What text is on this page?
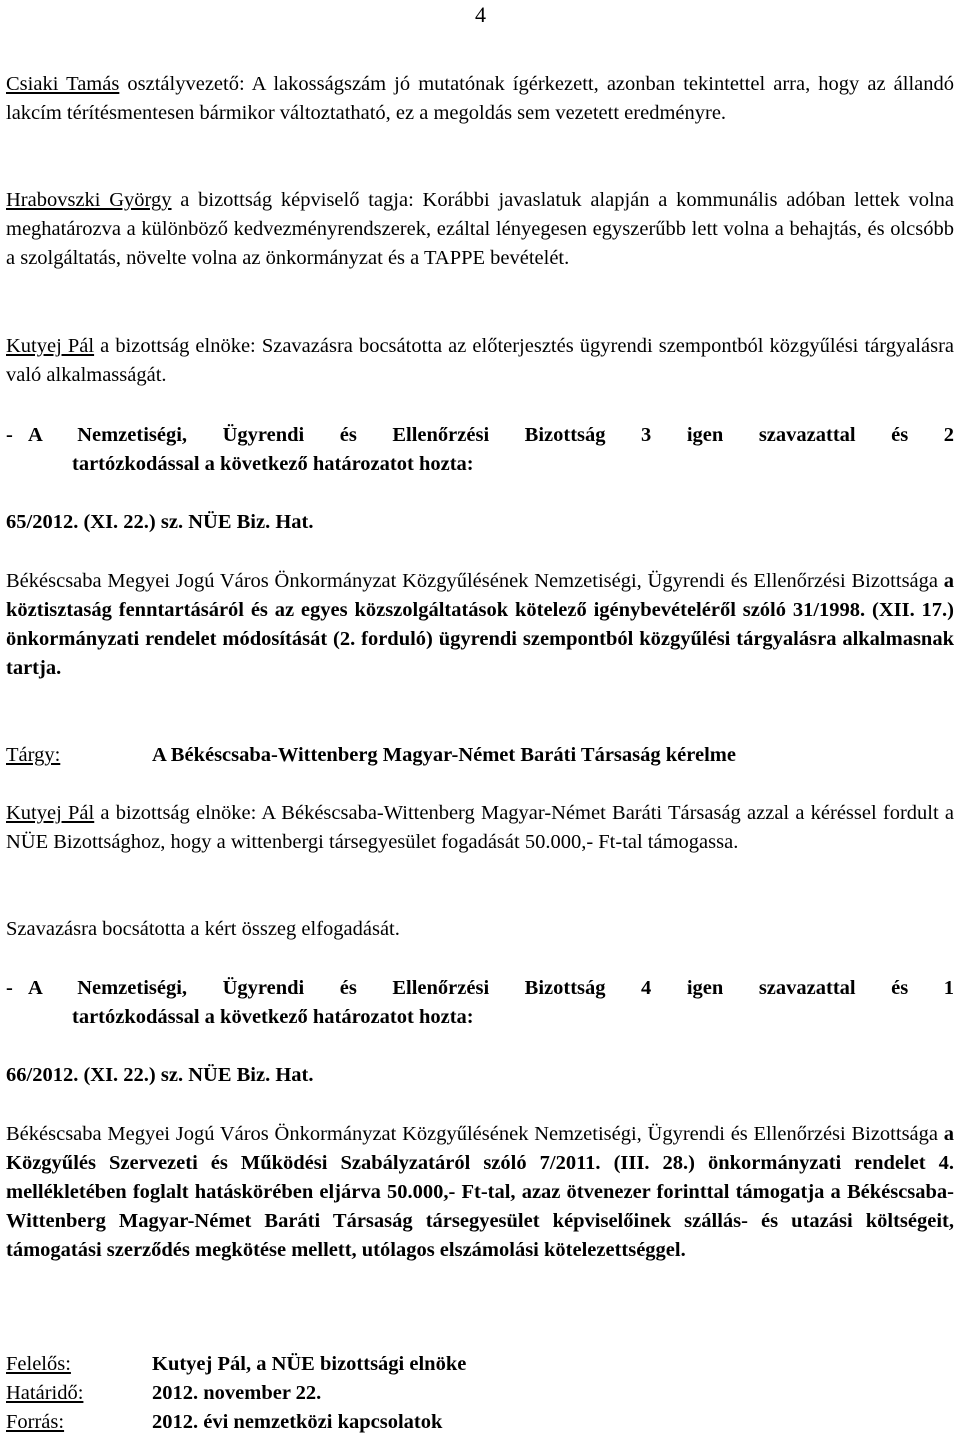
4

Csiaki Tamás osztályvezető: A lakosságszám jó mutatónak ígérkezett, azonban tekintettel arra, hogy az állandó lakcím térítésmentesen bármikor változtatható, ez a megoldás sem vezetett eredményre.

Hrabovszki György a bizottság képviselő tagja: Korábbi javaslatuk alapján a kommunális adóban lettek volna meghatározva a különböző kedvezményrendszerek, ezáltal lényegesen egyszerűbb lett volna a behajtás, és olcsóbb a szolgáltatás, növelte volna az önkormányzat és a TAPPE bevételét.

Kutyej Pál a bizottság elnöke: Szavazásra bocsátotta az előterjesztés ügyrendi szempontból közgyűlési tárgyalásra való alkalmasságát.

- A Nemzetiségi, Ügyrendi és Ellenőrzési Bizottság 3 igen szavazattal és 2
tartózkodással a következő határozatot hozta:
65/2012. (XI. 22.) sz. NÜE Biz. Hat.

Békéscsaba Megyei Jogú Város Önkormányzat Közgyűlésének Nemzetiségi, Ügyrendi és Ellenőrzési Bizottsága a köztisztaság fenntartásáról és az egyes közszolgáltatások kötelező igénybevételéről szóló 31/1998. (XII. 17.) önkormányzati rendelet módosítását (2. forduló) ügyrendi szempontból közgyűlési tárgyalásra alkalmasnak tartja.

Tárgy:	A Békéscsaba-Wittenberg Magyar-Német Baráti Társaság kérelme

Kutyej Pál a bizottság elnöke: A Békéscsaba-Wittenberg Magyar-Német Baráti Társaság azzal a kéréssel fordult a NÜE Bizottsághoz, hogy a wittenbergi társegyesület fogadását 50.000,- Ft-tal támogassa.

Szavazásra bocsátotta a kért összeg elfogadását.

- A Nemzetiségi, Ügyrendi és Ellenőrzési Bizottság 4 igen szavazattal és 1
tartózkodással a következő határozatot hozta:
66/2012. (XI. 22.) sz. NÜE Biz. Hat.

Békéscsaba Megyei Jogú Város Önkormányzat Közgyűlésének Nemzetiségi, Ügyrendi és Ellenőrzési Bizottsága a Közgyűlés Szervezeti és Működési Szabályzatáról szóló 7/2011. (III. 28.) önkormányzati rendelet 4. mellékletében foglalt hatáskörében eljárva 50.000,- Ft-tal, azaz ötvenezer forinttal támogatja a Békéscsaba-Wittenberg Magyar-Német Baráti Társaság társegyesület képviselőinek szállás- és utazási költségeit, támogatási szerződés megkötése mellett, utólagos elszámolási kötelezettséggel.

Felelős:	Kutyej Pál, a NÜE bizottsági elnöke
Határidő:	2012. november 22.
Forrás:	2012. évi nemzetközi kapcsolatok
